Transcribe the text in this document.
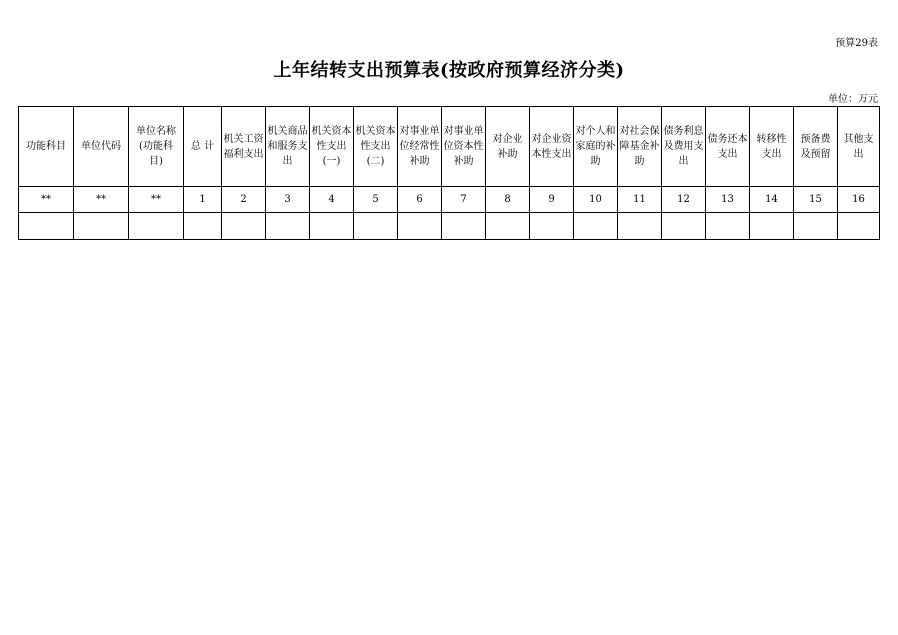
预算29表
上年结转支出预算表(按政府预算经济分类)
单位：万元
功能科目	单位代码	单位名称(功能科目)	总 计	机关工资福利支出	机关商品和服务支出	机关资本性支出(一)	机关资本性支出(二)	对事业单位经常性补助	对事业单位资本性补助	对企业补助	对企业资本性支出	对个人和家庭的补助	对社会保障基金补助	债务利息及费用支出	债务还本支出	转移性支出	预备费及预留	其他支出
**	**	**	1	2	3	4	5	6	7	8	9	10	11	12	13	14	15	16
